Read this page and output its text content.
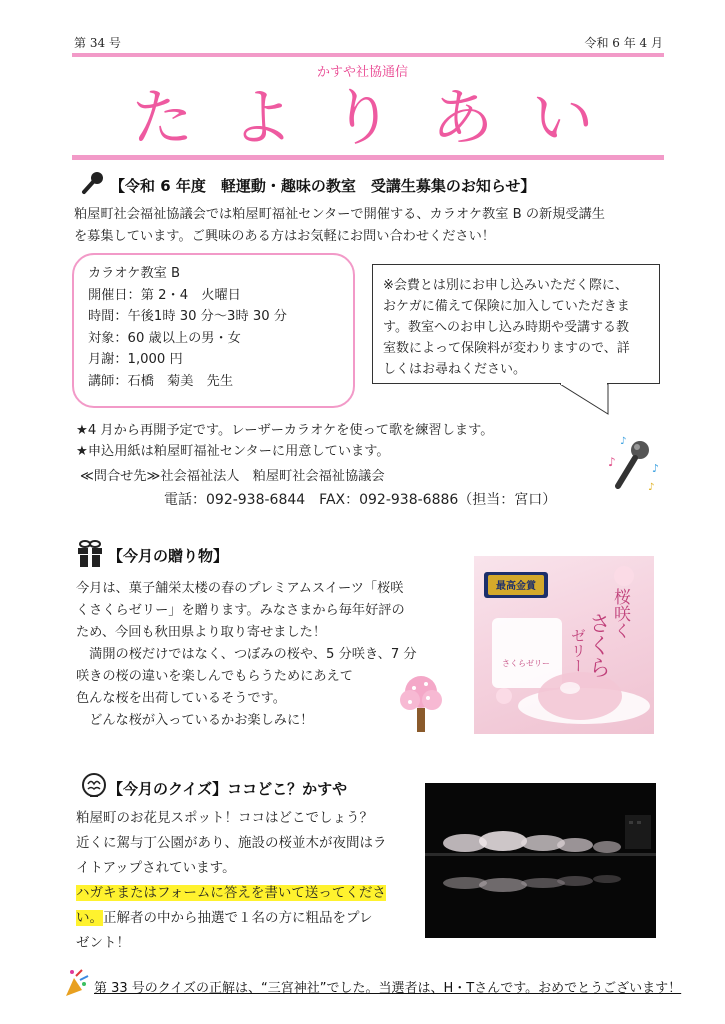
第 34 号	令和 6 年 4 月
かすや社協通信
たよりあい
【令和 6 年度　軽運動・趣味の教室　受講生募集のお知らせ】
粕屋町社会福祉協議会では粕屋町福祉センターで開催する、カラオケ教室 B の新規受講生
を募集しています。ご興味のある方はお気軽にお問い合わせください！
カラオケ教室 B
開催日：第 2・4　火曜日
時間：午後1時 30 分～3時 30 分
対象：60 歳以上の男・女
月謝：1,000 円
講師：石橋　菊美　先生
※会費とは別にお申し込みいただく際に、
おケガに備えて保険に加入していただきま
す。教室へのお申し込み時期や受講する教
室数によって保険料が変わりますので、詳
しくはお尋ねください。
★4 月から再開予定です。レーザーカラオケを使って歌を練習します。
★申込用紙は粕屋町福祉センターに用意しています。
≪問合せ先≫社会福祉法人　粕屋町社会福祉協議会
電話：092-938-6844　FAX：092-938-6886（担当：宮口）
♪	♪
♪
♪
【今月の贈り物】
今月は、菓子舗栄太楼の春のプレミアムスイーツ「桜咲
くさくらゼリー」を贈ります。みなさまから毎年好評の
ため、今回も秋田県より取り寄せました！
　満開の桜だけではなく、つぼみの桜や、5 分咲き、7 分
咲きの桜の違いを楽しんでもらうためにあえて
色んな桜を出荷しているそうです。
　どんな桜が入っているかお楽しみに！
最高金賞
さくらゼリー
桜咲く
さくら
ゼリー
【今月のクイズ】ココどこ？かすや
粕屋町のお花見スポット！ココはどこでしょう？
近くに駕与丁公園があり、施設の桜並木が夜間はラ
イトアップされています。
ハガキまたはフォームに答えを書いて送ってくださ
い。正解者の中から抽選で１名の方に粗品をプレ
ゼント！
第 33 号のクイズの正解は、“三宮神社”でした。当選者は、H・Tさんです。おめでとうございます！
